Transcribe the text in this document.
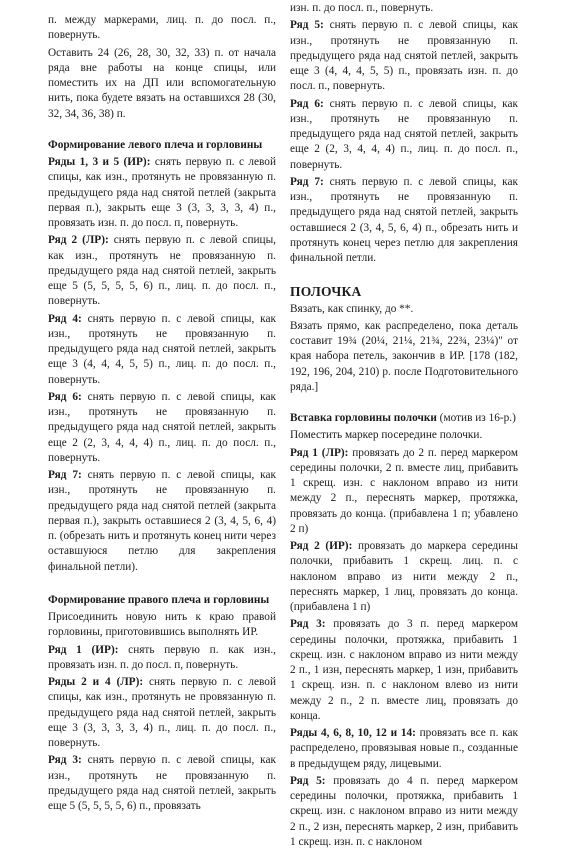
п. между маркерами, лиц. п. до посл. п., повернуть.

Оставить 24 (26, 28, 30, 32, 33) п. от начала ряда вне работы на конце спицы, или поместить их на ДП или вспомогательную нить, пока будете вязать на оставшихся 28 (30, 32, 34, 36, 38) п.

Формирование левого плеча и горловины

Ряды 1, 3 и 5 (ИР): снять первую п. с левой спицы, как изн., протянуть не провязанную п. предыдущего ряда над снятой петлей (закрыта первая п.), закрыть еще 3 (3, 3, 3, 3, 4) п., провязать изн. п. до посл. п, повернуть.

Ряд 2 (ЛР): снять первую п. с левой спицы, как изн., протянуть не провязанную п. предыдущего ряда над снятой петлей, закрыть еще 5 (5, 5, 5, 5, 6) п., лиц. п. до посл. п., повернуть.

Ряд 4: снять первую п. с левой спицы, как изн., протянуть не провязанную п. предыдущего ряда над снятой петлей, закрыть еще 3 (4, 4, 4, 5, 5) п., лиц. п. до посл. п., повернуть.

Ряд 6: снять первую п. с левой спицы, как изн., протянуть не провязанную п. предыдущего ряда над снятой петлей, закрыть еще 2 (2, 3, 4, 4, 4) п., лиц. п. до посл. п., повернуть.

Ряд 7: снять первую п. с левой спицы, как изн., протянуть не провязанную п. предыдущего ряда над снятой петлей (закрыта первая п.), закрыть оставшиеся 2 (3, 4, 5, 6, 4) п. (обрезать нить и протянуть конец нити через оставшуюся петлю для закрепления финальной петли).

Формирование правого плеча и горловины

Присоединить новую нить к краю правой горловины, приготовившись выполнять ИР.

Ряд 1 (ИР): снять первую п. как изн., провязать изн. п. до посл. п, повернуть.

Ряды 2 и 4 (ЛР): снять первую п. с левой спицы, как изн., протянуть не провязанную п. предыдущего ряда над снятой петлей, закрыть еще 3 (3, 3, 3, 3, 4) п., лиц. п. до посл. п., повернуть.

Ряд 3: снять первую п. с левой спицы, как изн., протянуть не провязанную п. предыдущего ряда над снятой петлей, закрыть еще 5 (5, 5, 5, 5, 6) п., провязать

изн. п. до посл. п., повернуть.

Ряд 5: снять первую п. с левой спицы, как изн., протянуть не провязанную п. предыдущего ряда над снятой петлей, закрыть еще 3 (4, 4, 4, 5, 5) п., провязать изн. п. до посл. п., повернуть.

Ряд 6: снять первую п. с левой спицы, как изн., протянуть не провязанную п. предыдущего ряда над снятой петлей, закрыть еще 2 (2, 3, 4, 4, 4) п., лиц. п. до посл. п., повернуть.

Ряд 7: снять первую п. с левой спицы, как изн., протянуть не провязанную п. предыдущего ряда над снятой петлей, закрыть оставшиеся 2 (3, 4, 5, 6, 4) п., обрезать нить и протянуть конец через петлю для закрепления финальной петли.

ПОЛОЧКА

Вязать, как спинку, до **.

Вязать прямо, как распределено, пока деталь составит 19¾ (20¼, 21¼, 21¾, 22¾, 23¼)" от края набора петель, закончив в ИР. [178 (182, 192, 196, 204, 210) р. после Подготовительного ряда.]

Вставка горловины полочки (мотив из 16-р.)

Поместить маркер посередине полочки.

Ряд 1 (ЛР): провязать до 2 п. перед маркером середины полочки, 2 п. вместе лиц, прибавить 1 скрещ. изн. с наклоном вправо из нити между 2 п., переснять маркер, протяжка, провязать до конца. (прибавлена 1 п; убавлено 2 п)

Ряд 2 (ИР): провязать до маркера середины полочки, прибавить 1 скрещ. лиц. п. с наклоном вправо из нити между 2 п., переснять маркер, 1 лиц, провязать до конца. (прибавлена 1 п)

Ряд 3: провязать до 3 п. перед маркером середины полочки, протяжка, прибавить 1 скрещ. изн. с наклоном вправо из нити между 2 п., 1 изн, переснять маркер, 1 изн, прибавить 1 скрещ. изн. п. с наклоном влево из нити между 2 п., 2 п. вместе лиц, провязать до конца.

Ряды 4, 6, 8, 10, 12 и 14: провязать все п. как распределено, провязывая новые п., созданные в предыдущем ряду, лицевыми.

Ряд 5: провязать до 4 п. перед маркером середины полочки, протяжка, прибавить 1 скрещ. изн. с наклоном вправо из нити между 2 п., 2 изн, переснять маркер, 2 изн, прибавить 1 скрещ. изн. п. с наклоном
